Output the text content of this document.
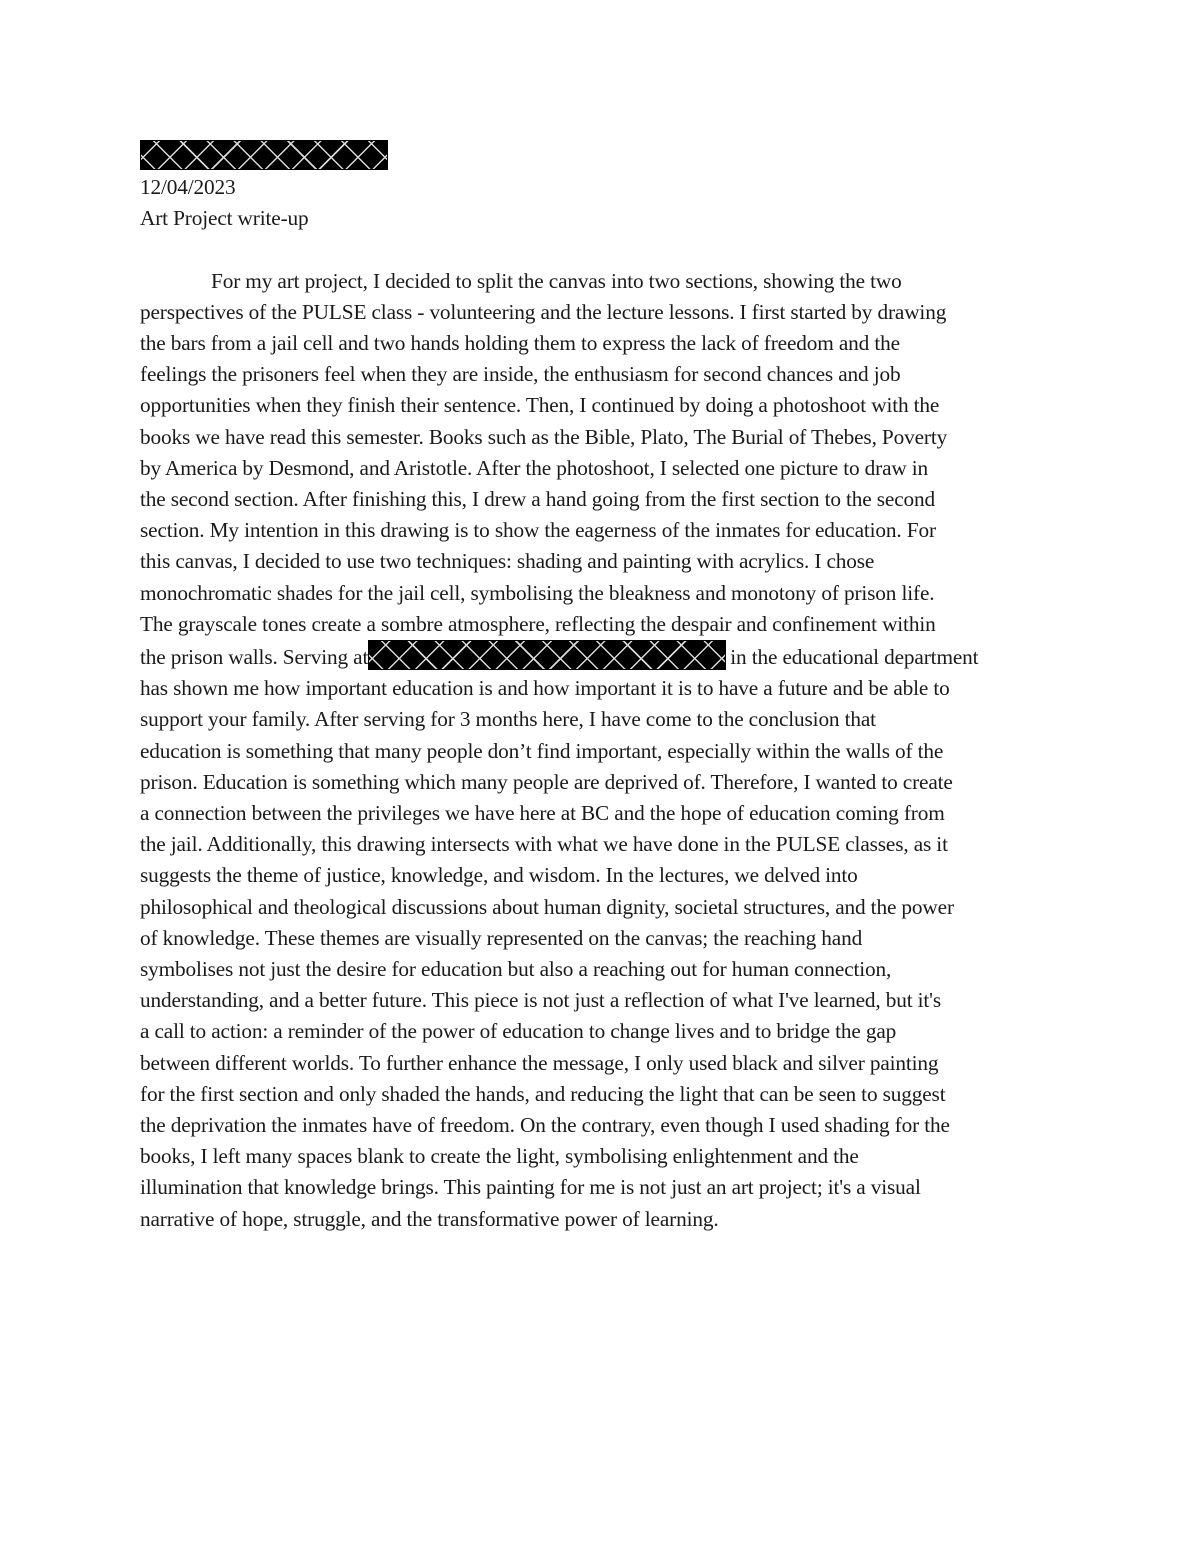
12/04/2023
Art Project write-up
For my art project, I decided to split the canvas into two sections, showing the two
perspectives of the PULSE class - volunteering and the lecture lessons. I first started by drawing
the bars from a jail cell and two hands holding them to express the lack of freedom and the
feelings the prisoners feel when they are inside, the enthusiasm for second chances and job
opportunities when they finish their sentence. Then, I continued by doing a photoshoot with the
books we have read this semester. Books such as the Bible, Plato, The Burial of Thebes, Poverty
by America by Desmond, and Aristotle. After the photoshoot, I selected one picture to draw in
the second section. After finishing this, I drew a hand going from the first section to the second
section. My intention in this drawing is to show the eagerness of the inmates for education. For
this canvas, I decided to use two techniques: shading and painting with acrylics. I chose
monochromatic shades for the jail cell, symbolising the bleakness and monotony of prison life.
The grayscale tones create a sombre atmosphere, reflecting the despair and confinement within
the prison walls. Serving at	in the educational department
has shown me how important education is and how important it is to have a future and be able to
support your family. After serving for 3 months here, I have come to the conclusion that
education is something that many people don’t find important, especially within the walls of the
prison. Education is something which many people are deprived of. Therefore, I wanted to create
a connection between the privileges we have here at BC and the hope of education coming from
the jail. Additionally, this drawing intersects with what we have done in the PULSE classes, as it
suggests the theme of justice, knowledge, and wisdom. In the lectures, we delved into
philosophical and theological discussions about human dignity, societal structures, and the power
of knowledge. These themes are visually represented on the canvas; the reaching hand
symbolises not just the desire for education but also a reaching out for human connection,
understanding, and a better future. This piece is not just a reflection of what I've learned, but it's
a call to action: a reminder of the power of education to change lives and to bridge the gap
between different worlds. To further enhance the message, I only used black and silver painting
for the first section and only shaded the hands, and reducing the light that can be seen to suggest
the deprivation the inmates have of freedom. On the contrary, even though I used shading for the
books, I left many spaces blank to create the light, symbolising enlightenment and the
illumination that knowledge brings. This painting for me is not just an art project; it's a visual
narrative of hope, struggle, and the transformative power of learning.
